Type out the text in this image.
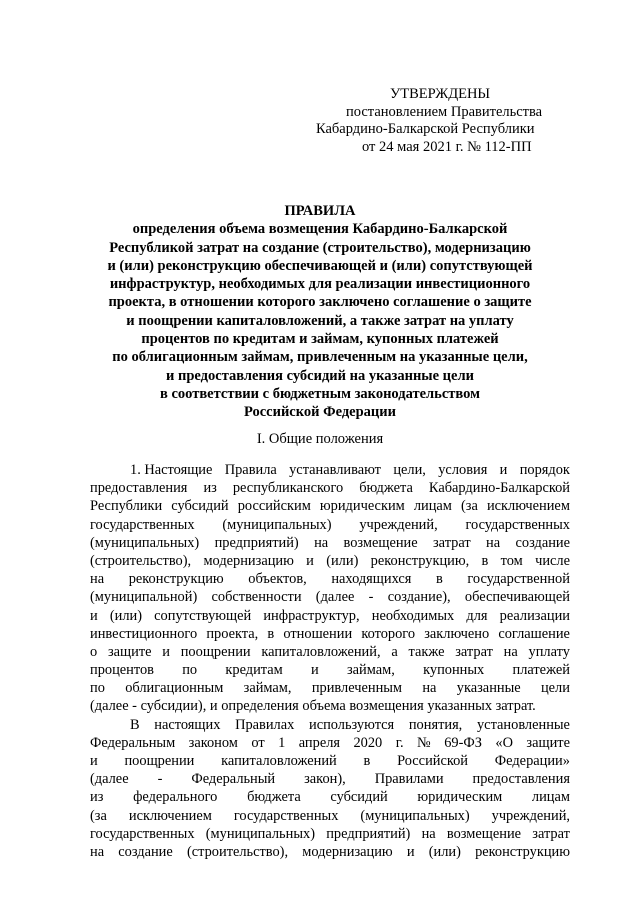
УТВЕРЖДЕНЫ
постановлением Правительства
Кабардино-Балкарской Республики
от 24 мая 2021 г. № 112-ПП
ПРАВИЛА
определения объема возмещения Кабардино-Балкарской
Республикой затрат на создание (строительство), модернизацию
и (или) реконструкцию обеспечивающей и (или) сопутствующей
инфраструктур, необходимых для реализации инвестиционного
проекта, в отношении которого заключено соглашение о защите
и поощрении капиталовложений, а также затрат на уплату
процентов по кредитам и займам, купонных платежей
по облигационным займам, привлеченным на указанные цели,
и предоставления субсидий на указанные цели
в соответствии с бюджетным законодательством
Российской Федерации
I. Общие положения
1. Настоящие Правила устанавливают цели, условия и порядок
предоставления из республиканского бюджета Кабардино-Балкарской
Республики субсидий российским юридическим лицам (за исключением
государственных (муниципальных) учреждений, государственных
(муниципальных) предприятий) на возмещение затрат на создание
(строительство), модернизацию и (или) реконструкцию, в том числе
на реконструкцию объектов, находящихся в государственной
(муниципальной) собственности (далее - создание), обеспечивающей
и (или) сопутствующей инфраструктур, необходимых для реализации
инвестиционного проекта, в отношении которого заключено соглашение
о защите и поощрении капиталовложений, а также затрат на уплату
процентов по кредитам и займам, купонных платежей
по облигационным займам, привлеченным на указанные цели
(далее - субсидии), и определения объема возмещения указанных затрат.
В настоящих Правилах используются понятия, установленные
Федеральным законом от 1 апреля 2020 г. № 69-ФЗ «О защите
и поощрении капиталовложений в Российской Федерации»
(далее - Федеральный закон), Правилами предоставления
из федерального бюджета субсидий юридическим лицам
(за исключением государственных (муниципальных) учреждений,
государственных (муниципальных) предприятий) на возмещение затрат
на создание (строительство), модернизацию и (или) реконструкцию
